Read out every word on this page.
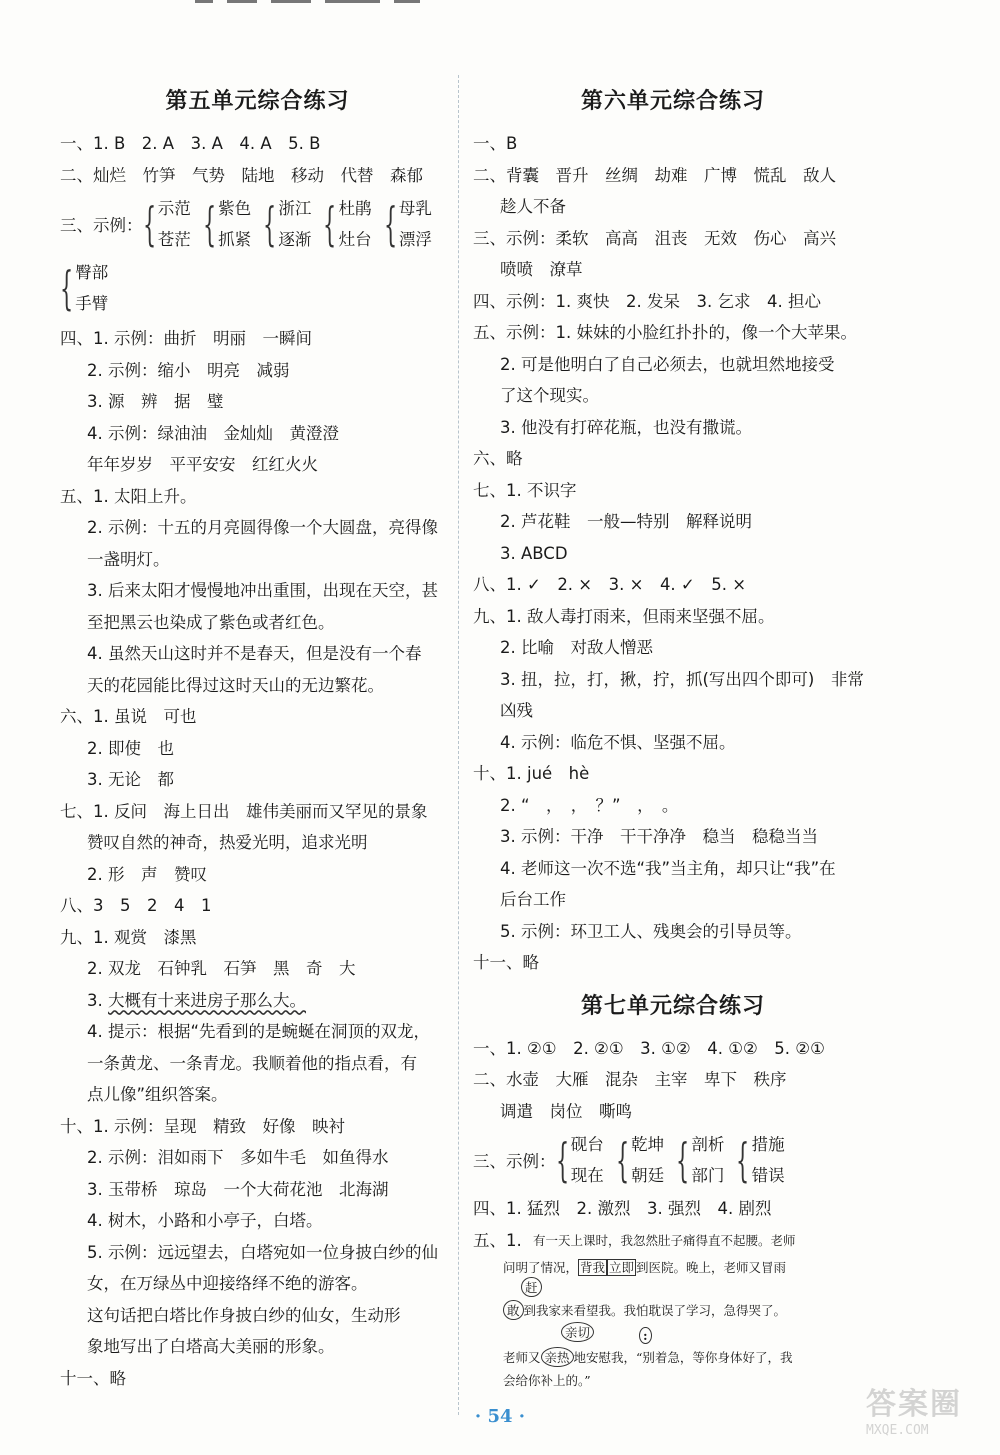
第五单元综合练习
一、1. B　2. A　3. A　4. A　5. B
二、灿烂　竹笋　气势　陆地　移动　代替　森郁
三、示例： { 示范
苍茫 { 紫色
抓紧 { 浙江
逐渐 { 杜鹃
灶台 { 母乳
漂浮
{ 臀部
手臂
四、1. 示例：曲折　明丽　一瞬间
2. 示例：缩小　明亮　减弱
3. 源　辨　据　璧
4. 示例：绿油油　金灿灿　黄澄澄
年年岁岁　平平安安　红红火火
五、1. 太阳上升。
2. 示例：十五的月亮圆得像一个大圆盘，亮得像
一盏明灯。
3. 后来太阳才慢慢地冲出重围，出现在天空，甚
至把黑云也染成了紫色或者红色。
4. 虽然天山这时并不是春天，但是没有一个春
天的花园能比得过这时天山的无边繁花。
六、1. 虽说　可也
2. 即使　也
3. 无论　都
七、1. 反问　海上日出　雄伟美丽而又罕见的景象
赞叹自然的神奇，热爱光明，追求光明
2. 形　声　赞叹
八、3　5　2　4　1
九、1. 观赏　漆黑
2. 双龙　石钟乳　石笋　黑　奇　大
3. 大概有十来进房子那么大。
4. 提示：根据“先看到的是蜿蜒在洞顶的双龙，
一条黄龙、一条青龙。我顺着他的指点看，有
点儿像”组织答案。
十、1. 示例：呈现　精致　好像　映衬
2. 示例：泪如雨下　多如牛毛　如鱼得水
3. 玉带桥　琼岛　一个大荷花池　北海湖
4. 树木，小路和小亭子，白塔。
5. 示例：远远望去，白塔宛如一位身披白纱的仙
女，在万绿丛中迎接络绎不绝的游客。
这句话把白塔比作身披白纱的仙女，生动形
象地写出了白塔高大美丽的形象。
十一、略
第六单元综合练习
一、B
二、背囊　晋升　丝绸　劫难　广博　慌乱　敌人
趁人不备
三、示例：柔软　高高　沮丧　无效　伤心　高兴
喷喷　潦草
四、示例：1. 爽快　2. 发呆　3. 乞求　4. 担心
五、示例：1. 妹妹的小脸红扑扑的，像一个大苹果。
2. 可是他明白了自己必须去，也就坦然地接受
了这个现实。
3. 他没有打碎花瓶，也没有撒谎。
六、略
七、1. 不识字
2. 芦花鞋　一般—特别　解释说明
3. ABCD
八、1. ✓　2. ×　3. ×　4. ✓　5. ×
九、1. 敌人毒打雨来，但雨来坚强不屈。
2. 比喻　对敌人憎恶
3. 扭，拉，打，揪，拧，抓(写出四个即可)　非常
凶残
4. 示例：临危不惧、坚强不屈。
十、1. jué　hè
2. “　，　，　？”　，　。
3. 示例：干净　干干净净　稳当　稳稳当当
4. 老师这一次不选“我”当主角，却只让“我”在
后台工作
5. 示例：环卫工人、残奥会的引导员等。
十一、略
第七单元综合练习
一、1. ②①　2. ②①　3. ①②　4. ①②　5. ②①
二、水壶　大雁　混杂　主宰　卑下　秩序
调遣　岗位　嘶鸣
三、示例： { 砚台
现在 { 乾坤
朝廷 { 剖析
部门 { 措施
错误
四、1. 猛烈　2. 激烈　3. 强烈　4. 剧烈
五、1. 有一天上课时，我忽然肚子痛得直不起腰。老师
问明了情况， 背我 立即 到医院。晚上，老师又冒雨
赶
敢 到我家来看望我。我怕耽误了学习，急得哭了。
亲切	:
老师又 亲热 地安慰我，“别着急，等你身体好了，我
会给你补上的。”
· 54 ·	答案圈
MXQE.COM
